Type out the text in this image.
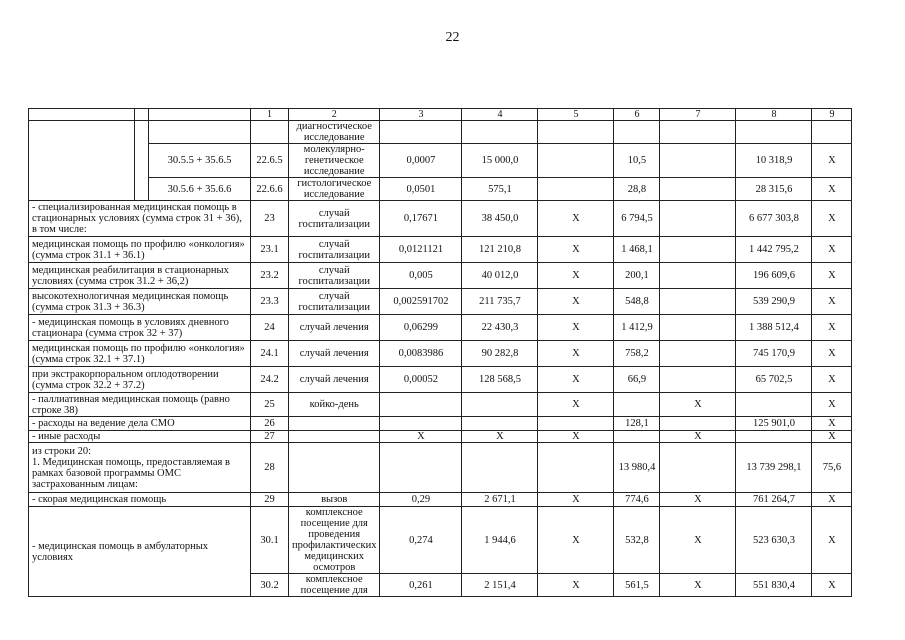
22
			1	2	3	4	5	6	7	8	9
				диагностическое исследование							
		30.5.5 + 35.6.5	22.6.5	молекулярно-генетическое исследование	0,0007	15 000,0		10,5		10 318,9	Х
		30.5.6 + 35.6.6	22.6.6	гистологическое исследование	0,0501	575,1		28,8		28 315,6	Х
- специализированная медицинская помощь в стационарных условиях (сумма строк 31 + 36), в том числе:			23	случай госпитализации	0,17671	38 450,0	Х	6 794,5		6 677 303,8	Х
медицинская помощь по профилю «онкология» (сумма строк 31.1 + 36.1)			23.1	случай госпитализации	0,0121121	121 210,8	Х	1 468,1		1 442 795,2	Х
медицинская реабилитация в стационарных условиях (сумма строк 31.2 + 36,2)			23.2	случай госпитализации	0,005	40 012,0	Х	200,1		196 609,6	Х
высокотехнологичная медицинская помощь (сумма строк 31.3 + 36.3)			23.3	случай госпитализации	0,002591702	211 735,7	Х	548,8		539 290,9	Х
- медицинская помощь в условиях дневного стационара (сумма строк 32 + 37)			24	случай лечения	0,06299	22 430,3	Х	1 412,9		1 388 512,4	Х
медицинская помощь по профилю «онкология» (сумма строк 32.1 + 37.1)			24.1	случай лечения	0,0083986	90 282,8	Х	758,2		745 170,9	Х
при экстракорпоральном оплодотворении (сумма строк 32.2 + 37.2)			24.2	случай лечения	0,00052	128 568,5	Х	66,9		65 702,5	Х
- паллиативная медицинская помощь (равно строке 38)			25	койко-день			Х		Х		Х
- расходы на ведение дела СМО			26					128,1		125 901,0	Х
- иные расходы			27		Х	Х	Х		Х		Х
из строки 20:
1. Медицинская помощь, предоставляемая в рамках базовой программы ОМС застрахованным лицам:			28					13 980,4		13 739 298,1	75,6
- скорая медицинская помощь			29	вызов	0,29	2 671,1	Х	774,6	Х	761 264,7	Х
- медицинская помощь в амбулаторных условиях			30.1	комплексное посещение для проведения профилактических медицинских осмотров	0,274	1 944,6	Х	532,8	Х	523 630,3	Х
			30.2	комплексное посещение для	0,261	2 151,4	Х	561,5	Х	551 830,4	Х
